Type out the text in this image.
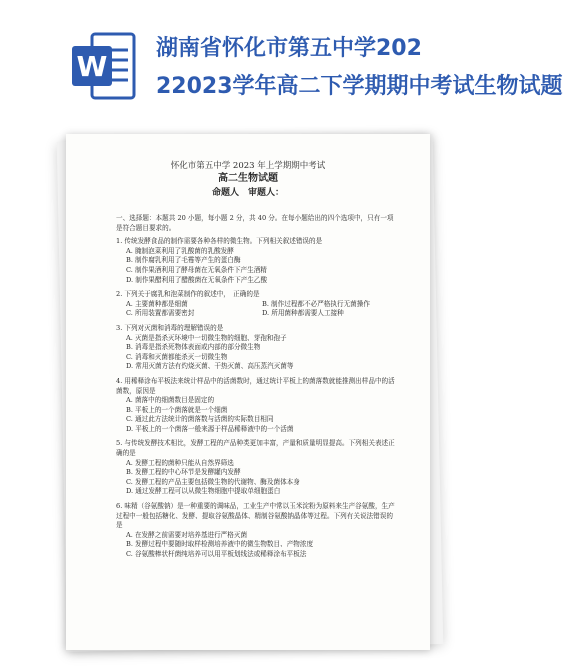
W
湖南省怀化市第五中学202
22023学年高二下学期期中考试生物试题
怀化市第五中学 2023 年上学期期中考试
高二生物试题
命题人　审题人：
一、选择题：本题共 20 小题，每小题 2 分，共 40 分。在每小题给出的四个选项中，只有一项是符合题目要求的。
1. 传统发酵食品的制作需要各种各样的微生物。下列相关叙述错误的是
A. 腌制泡菜利用了乳酸菌的乳酸发酵
B. 制作腐乳利用了毛霉等产生的蛋白酶
C. 制作果酒利用了酵母菌在无氧条件下产生酒精
D. 制作果醋利用了醋酸菌在无氧条件下产生乙酸
2. 下列关于腐乳和泡菜制作的叙述中，　正确的是
A. 主要菌种都是细菌	B. 制作过程都不必严格执行无菌操作
C. 所用装置都需要密封	D. 所用菌种都需要人工接种
3. 下列对灭菌和消毒的理解错误的是
A. 灭菌是指杀灭环境中一切微生物的细胞、芽孢和孢子
B. 消毒是指杀死物体表面或内部的部分微生物
C. 消毒和灭菌都能杀灭一切微生物
D. 常用灭菌方法有灼烧灭菌、干热灭菌、高压蒸汽灭菌等
4. 用稀释涂布平板法来统计样品中的活菌数时，通过统计平板上的菌落数就能推测出样品中的活菌数，原因是
A. 菌落中的细菌数目是固定的
B. 平板上的一个菌落就是一个细菌
C. 通过此方法统计的菌落数与活菌的实际数目相同
D. 平板上的一个菌落一般来源于样品稀释液中的一个活菌
5. 与传统发酵技术相比，发酵工程的产品种类更加丰富，产量和质量明显提高。下列相关表述正确的是
A. 发酵工程的菌种只能从自然界筛选
B. 发酵工程的中心环节是发酵罐内发酵
C. 发酵工程的产品主要包括微生物的代谢物、酶及菌体本身
D. 通过发酵工程可以从微生物细胞中提取单细胞蛋白
6. 味精（谷氨酸钠）是一种重要的调味品，工业生产中常以玉米淀粉为原料来生产谷氨酸，生产过程中一般包括糖化、发酵、提取谷氨酸晶体、精制谷氨酸钠晶体等过程。下列有关说法错误的是
A. 在发酵之前需要对培养基进行严格灭菌
B. 发酵过程中要随时取样检测培养液中的微生物数目、产物浓度
C. 谷氨酸棒状杆菌纯培养可以用平板划线法或稀释涂布平板法
